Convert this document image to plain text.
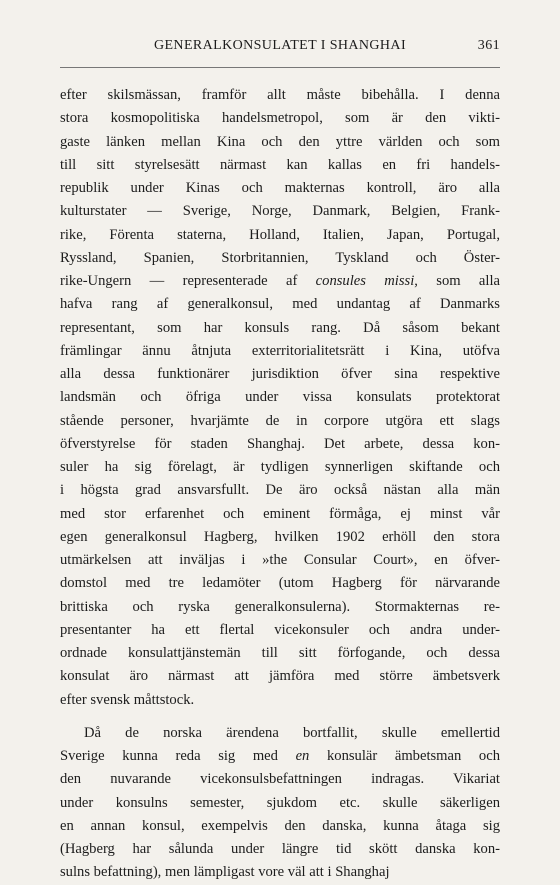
GENERALKONSULATET I SHANGHAI	361
efter skilsmässan, framför allt måste bibehålla. I denna
stora kosmopolitiska handelsmetropol, som är den vikti-
gaste länken mellan Kina och den yttre världen och som
till sitt styrelsesätt närmast kan kallas en fri handels-
republik under Kinas och makternas kontroll, äro alla
kulturstater — Sverige, Norge, Danmark, Belgien, Frank-
rike, Förenta staterna, Holland, Italien, Japan, Portugal,
Ryssland, Spanien, Storbritannien, Tyskland och Öster-
rike-Ungern — representerade af consules missi, som alla
hafva rang af generalkonsul, med undantag af Danmarks
representant, som har konsuls rang. Då såsom bekant
främlingar ännu åtnjuta exterritorialitetsrätt i Kina, utöfva
alla dessa funktionärer jurisdiktion öfver sina respektive
landsmän och öfriga under vissa konsulats protektorat
stående personer, hvarjämte de in corpore utgöra ett slags
öfverstyrelse för staden Shanghaj. Det arbete, dessa kon-
suler ha sig förelagt, är tydligen synnerligen skiftande och
i högsta grad ansvarsfullt. De äro också nästan alla män
med stor erfarenhet och eminent förmåga, ej minst vår
egen generalkonsul Hagberg, hvilken 1902 erhöll den stora
utmärkelsen att inväljas i »the Consular Court», en öfver-
domstol med tre ledamöter (utom Hagberg för närvarande
brittiska och ryska generalkonsulerna). Stormakternas re-
presentanter ha ett flertal vicekonsuler och andra under-
ordnade konsulattjänstemän till sitt förfogande, och dessa
konsulat äro närmast att jämföra med större ämbetsverk
efter svensk måttstock.
Då de norska ärendena bortfallit, skulle emellertid
Sverige kunna reda sig med en konsulär ämbetsman och
den nuvarande vicekonsulsbefattningen indragas. Vikariat
under konsulns semester, sjukdom etc. skulle säkerligen
en annan konsul, exempelvis den danska, kunna åtaga sig
(Hagberg har sålunda under längre tid skött danska kon-
sulns befattning), men lämpligast vore väl att i Shanghaj
